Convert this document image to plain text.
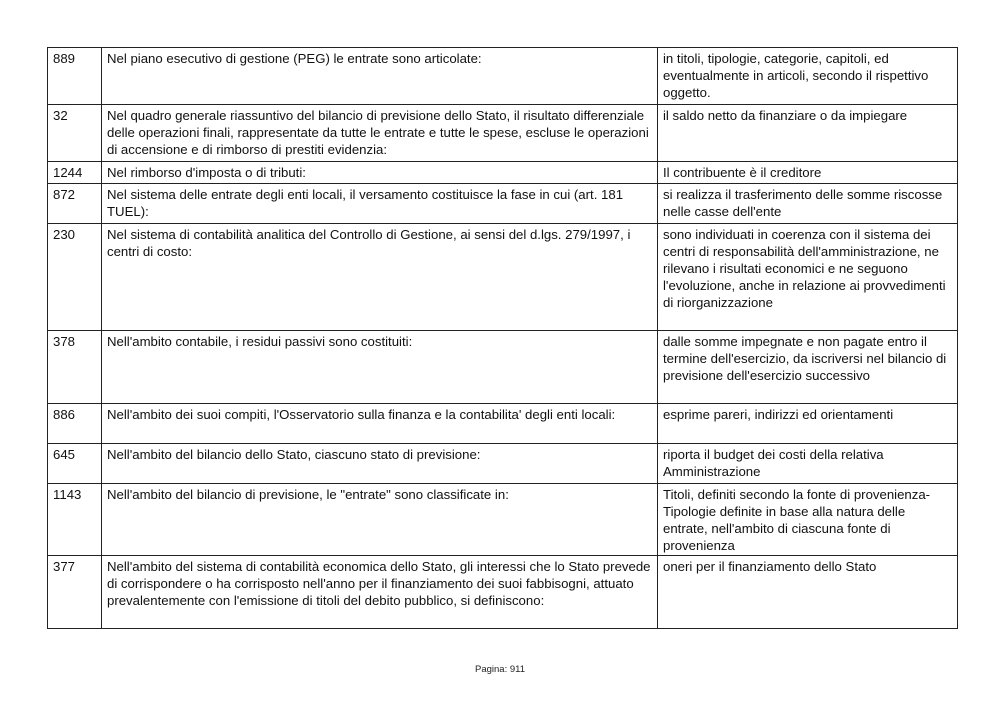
889	Nel piano esecutivo di gestione (PEG) le entrate sono articolate:	in titoli, tipologie, categorie, capitoli, ed eventualmente in articoli, secondo il rispettivo oggetto.
32	Nel quadro generale riassuntivo del bilancio di previsione dello Stato, il risultato differenziale delle operazioni finali, rappresentate da tutte le entrate e tutte le spese, escluse le operazioni di accensione e di rimborso di prestiti evidenzia:	il saldo netto da finanziare o da impiegare
1244	Nel rimborso d'imposta o di tributi:	Il contribuente è il creditore
872	Nel sistema delle entrate degli enti locali, il versamento costituisce la fase in cui (art. 181 TUEL):	si realizza il trasferimento delle somme riscosse nelle casse dell'ente
230	Nel sistema di contabilità analitica del Controllo di Gestione, ai sensi del d.lgs. 279/1997, i centri di costo:	sono individuati in coerenza con il sistema dei centri di responsabilità dell'amministrazione, ne rilevano i risultati economici e ne seguono l'evoluzione, anche in relazione ai provvedimenti di riorganizzazione
378	Nell'ambito contabile, i residui passivi sono costituiti:	dalle somme impegnate e non pagate entro il termine dell'esercizio, da iscriversi nel bilancio di previsione dell'esercizio successivo
886	Nell'ambito dei suoi compiti, l'Osservatorio sulla finanza e la contabilita' degli enti locali:	esprime pareri, indirizzi ed orientamenti
645	Nell'ambito del bilancio dello Stato, ciascuno stato di previsione:	riporta il budget dei costi della relativa Amministrazione
1143	Nell'ambito del bilancio di previsione, le "entrate" sono classificate in:	Titoli, definiti secondo la fonte di provenienza- Tipologie definite in base alla natura delle entrate, nell'ambito di ciascuna fonte di provenienza
377	Nell'ambito del sistema di contabilità economica dello Stato, gli interessi che lo Stato prevede di corrispondere o ha corrisposto nell'anno per il finanziamento dei suoi fabbisogni, attuato prevalentemente con l'emissione di titoli del debito pubblico, si definiscono:	oneri per il finanziamento dello Stato
Pagina: 911
